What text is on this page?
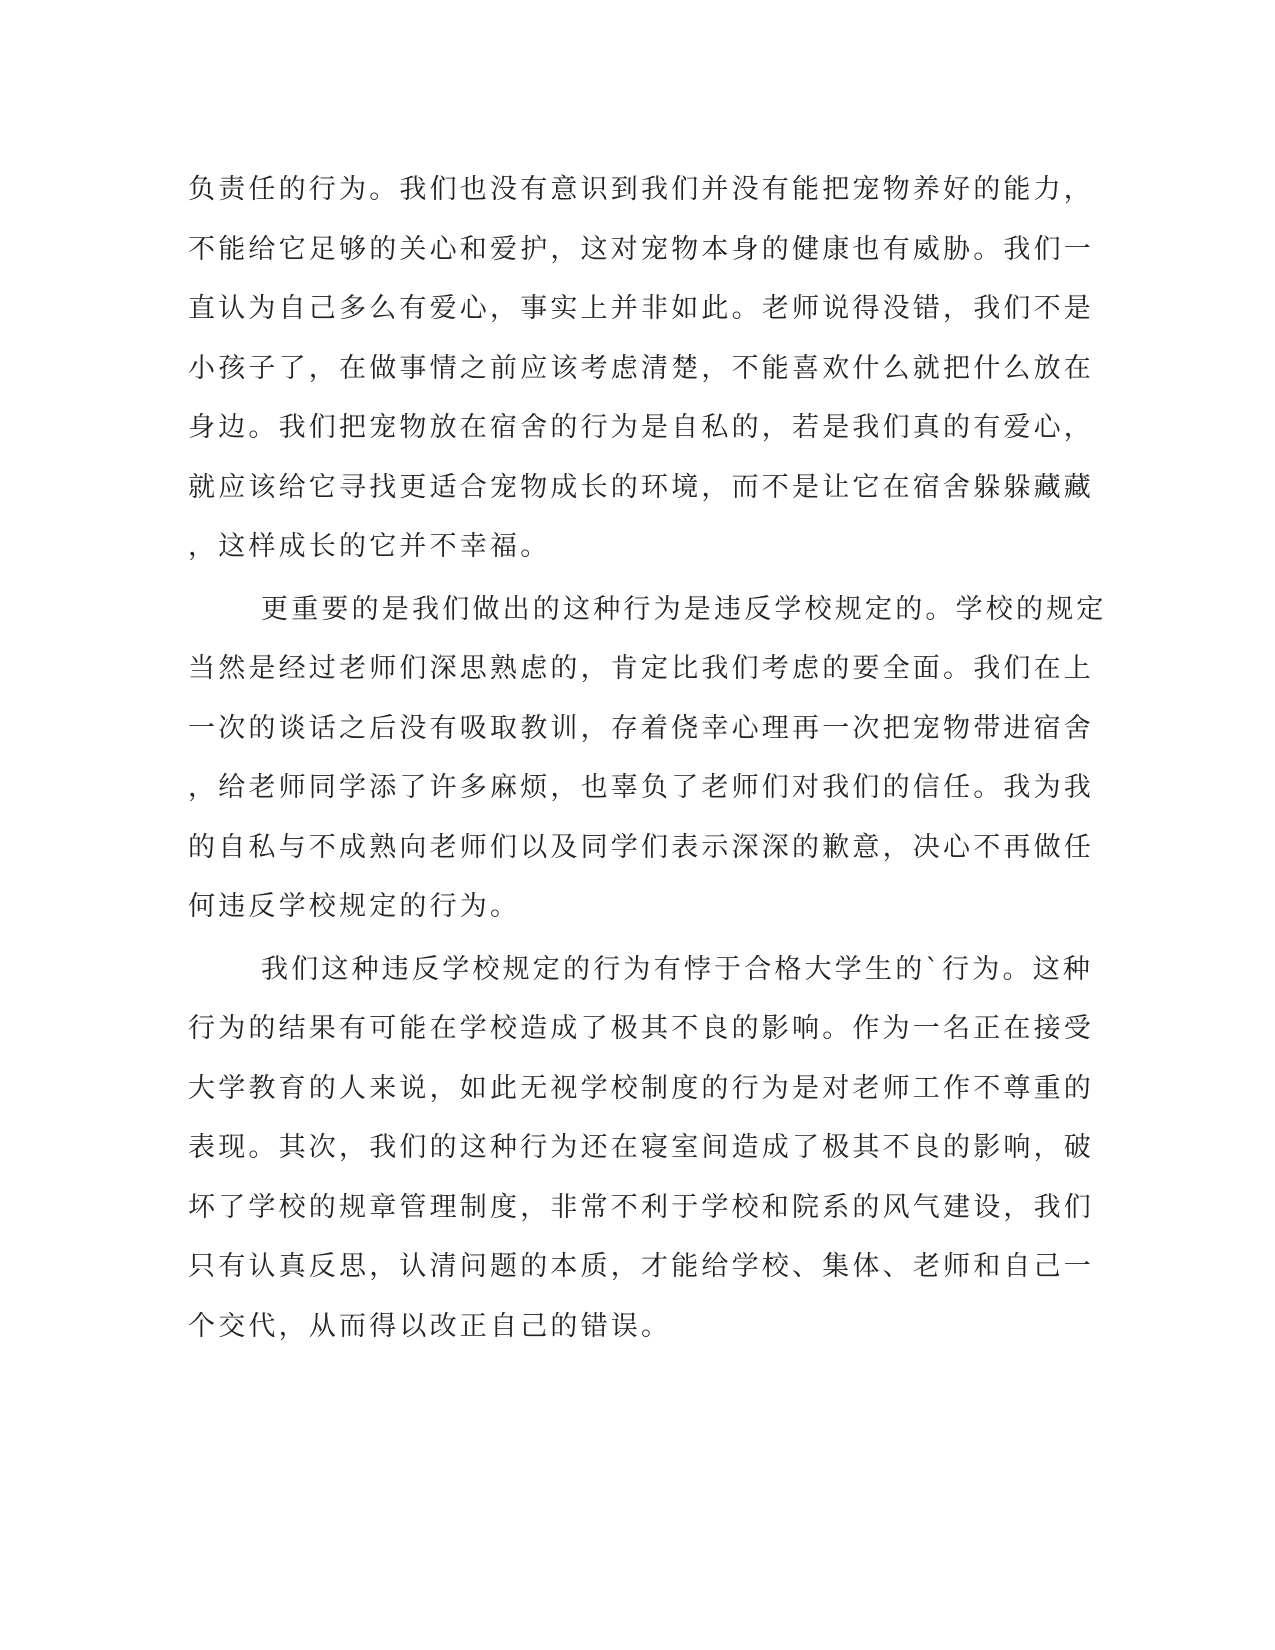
负责任的行为。我们也没有意识到我们并没有能把宠物养好的能力，
不能给它足够的关心和爱护，这对宠物本身的健康也有威胁。我们一
直认为自己多么有爱心，事实上并非如此。老师说得没错，我们不是
小孩子了，在做事情之前应该考虑清楚，不能喜欢什么就把什么放在
身边。我们把宠物放在宿舍的行为是自私的，若是我们真的有爱心，
就应该给它寻找更适合宠物成长的环境，而不是让它在宿舍躲躲藏藏
，这样成长的它并不幸福。
更重要的是我们做出的这种行为是违反学校规定的。学校的规定
当然是经过老师们深思熟虑的，肯定比我们考虑的要全面。我们在上
一次的谈话之后没有吸取教训，存着侥幸心理再一次把宠物带进宿舍
，给老师同学添了许多麻烦，也辜负了老师们对我们的信任。我为我
的自私与不成熟向老师们以及同学们表示深深的歉意，决心不再做任
何违反学校规定的行为。
我们这种违反学校规定的行为有悖于合格大学生的`行为。这种
行为的结果有可能在学校造成了极其不良的影响。作为一名正在接受
大学教育的人来说，如此无视学校制度的行为是对老师工作不尊重的
表现。其次，我们的这种行为还在寝室间造成了极其不良的影响，破
坏了学校的规章管理制度，非常不利于学校和院系的风气建设，我们
只有认真反思，认清问题的本质，才能给学校、集体、老师和自己一
个交代，从而得以改正自己的错误。
